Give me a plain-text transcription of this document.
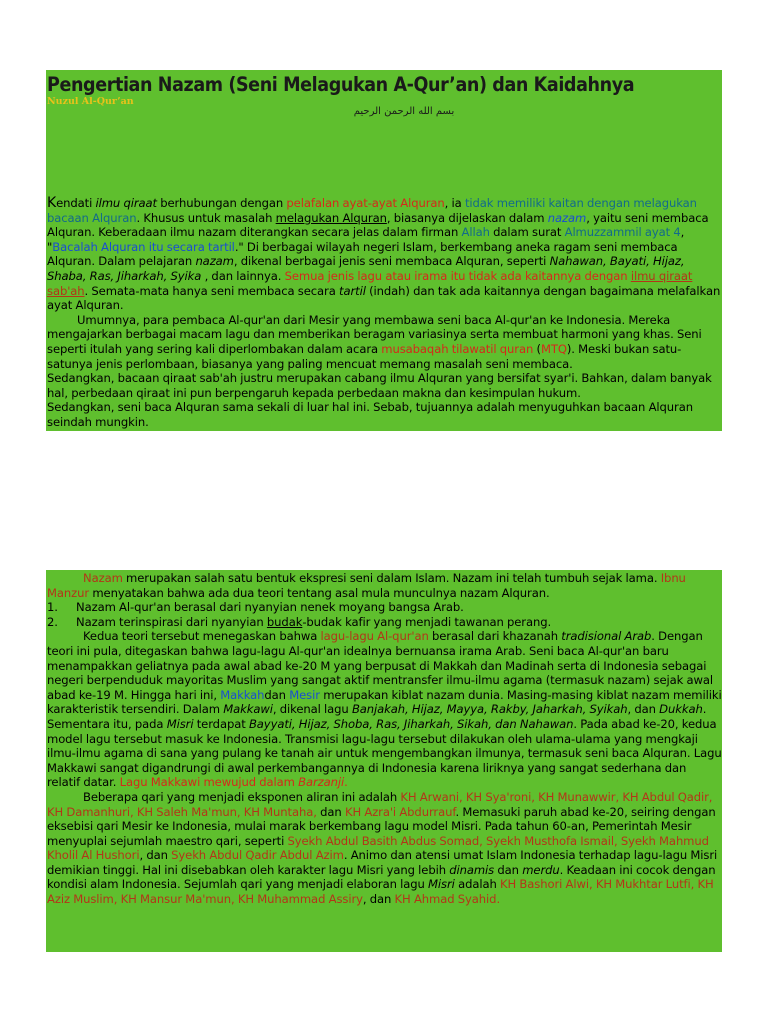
Pengertian Nazam (Seni Melagukan A-Qur’an) dan Kaidahnya
Nuzul Al-Qur’an
بسم الله الرحمن الرحيم
Kendati ilmu qiraat berhubungan dengan pelafalan ayat-ayat Alquran, ia tidak memiliki kaitan dengan melagukan bacaan Alquran. Khusus untuk masalah melagukan Alquran, biasanya dijelaskan dalam nazam, yaitu seni membaca Alquran. Keberadaan ilmu nazam diterangkan secara jelas dalam firman Allah dalam surat Almuzzammil ayat 4, "Bacalah Alquran itu secara tartil." Di berbagai wilayah negeri Islam, berkembang aneka ragam seni membaca Alquran. Dalam pelajaran nazam, dikenal berbagai jenis seni membaca Alquran, seperti Nahawan, Bayati, Hijaz, Shaba, Ras, Jiharkah, Syika , dan lainnya. Semua jenis lagu atau irama itu tidak ada kaitannya dengan ilmu qiraat sab'ah. Semata-mata hanya seni membaca secara tartil (indah) dan tak ada kaitannya dengan bagaimana melafalkan ayat Alquran.
Umumnya, para pembaca Al-qur'an dari Mesir yang membawa seni baca Al-qur'an ke Indonesia. Mereka mengajarkan berbagai macam lagu dan memberikan beragam variasinya serta membuat harmoni yang khas. Seni seperti itulah yang sering kali diperlombakan dalam acara musabaqah tilawatil quran (MTQ). Meski bukan satu-satunya jenis perlombaan, biasanya yang paling mencuat memang masalah seni membaca.
Sedangkan, bacaan qiraat sab'ah justru merupakan cabang ilmu Alquran yang bersifat syar'i. Bahkan, dalam banyak hal, perbedaan qiraat ini pun berpengaruh kepada perbedaan makna dan kesimpulan hukum.
Sedangkan, seni baca Alquran sama sekali di luar hal ini. Sebab, tujuannya adalah menyuguhkan bacaan Alquran seindah mungkin.
Nazam merupakan salah satu bentuk ekspresi seni dalam Islam. Nazam ini telah tumbuh sejak lama. Ibnu Manzur menyatakan bahwa ada dua teori tentang asal mula munculnya nazam Alquran.
1. Nazam Al-qur'an berasal dari nyanyian nenek moyang bangsa Arab.
2. Nazam terinspirasi dari nyanyian budak-budak kafir yang menjadi tawanan perang.
Kedua teori tersebut menegaskan bahwa lagu-lagu Al-qur'an berasal dari khazanah tradisional Arab. Dengan teori ini pula, ditegaskan bahwa lagu-lagu Al-qur'an idealnya bernuansa irama Arab. Seni baca Al-qur'an baru menampakkan geliatnya pada awal abad ke-20 M yang berpusat di Makkah dan Madinah serta di Indonesia sebagai negeri berpenduduk mayoritas Muslim yang sangat aktif mentransfer ilmu-ilmu agama (termasuk nazam) sejak awal abad ke-19 M. Hingga hari ini, Makkahdan Mesir merupakan kiblat nazam dunia. Masing-masing kiblat nazam memiliki karakteristik tersendiri. Dalam Makkawi, dikenal lagu Banjakah, Hijaz, Mayya, Rakby, Jaharkah, Syikah, dan Dukkah. Sementara itu, pada Misri terdapat Bayyati, Hijaz, Shoba, Ras, Jiharkah, Sikah, dan Nahawan. Pada abad ke-20, kedua model lagu tersebut masuk ke Indonesia. Transmisi lagu-lagu tersebut dilakukan oleh ulama-ulama yang mengkaji ilmu-ilmu agama di sana yang pulang ke tanah air untuk mengembangkan ilmunya, termasuk seni baca Alquran. Lagu Makkawi sangat digandrungi di awal perkembangannya di Indonesia karena liriknya yang sangat sederhana dan relatif datar. Lagu Makkawi mewujud dalam Barzanji.
Beberapa qari yang menjadi eksponen aliran ini adalah KH Arwani, KH Sya'roni, KH Munawwir, KH Abdul Qadir, KH Damanhuri, KH Saleh Ma'mun, KH Muntaha, dan KH Azra'i Abdurrauf. Memasuki paruh abad ke-20, seiring dengan eksebisi qari Mesir ke Indonesia, mulai marak berkembang lagu model Misri. Pada tahun 60-an, Pemerintah Mesir menyuplai sejumlah maestro qari, seperti Syekh Abdul Basith Abdus Somad, Syekh Musthofa Ismail, Syekh Mahmud Kholil Al Hushori, dan Syekh Abdul Qadir Abdul Azim. Animo dan atensi umat Islam Indonesia terhadap lagu-lagu Misri demikian tinggi. Hal ini disebabkan oleh karakter lagu Misri yang lebih dinamis dan merdu. Keadaan ini cocok dengan kondisi alam Indonesia. Sejumlah qari yang menjadi elaboran lagu Misri adalah KH Bashori Alwi, KH Mukhtar Lutfi, KH Aziz Muslim, KH Mansur Ma'mun, KH Muhammad Assiry, dan KH Ahmad Syahid.
